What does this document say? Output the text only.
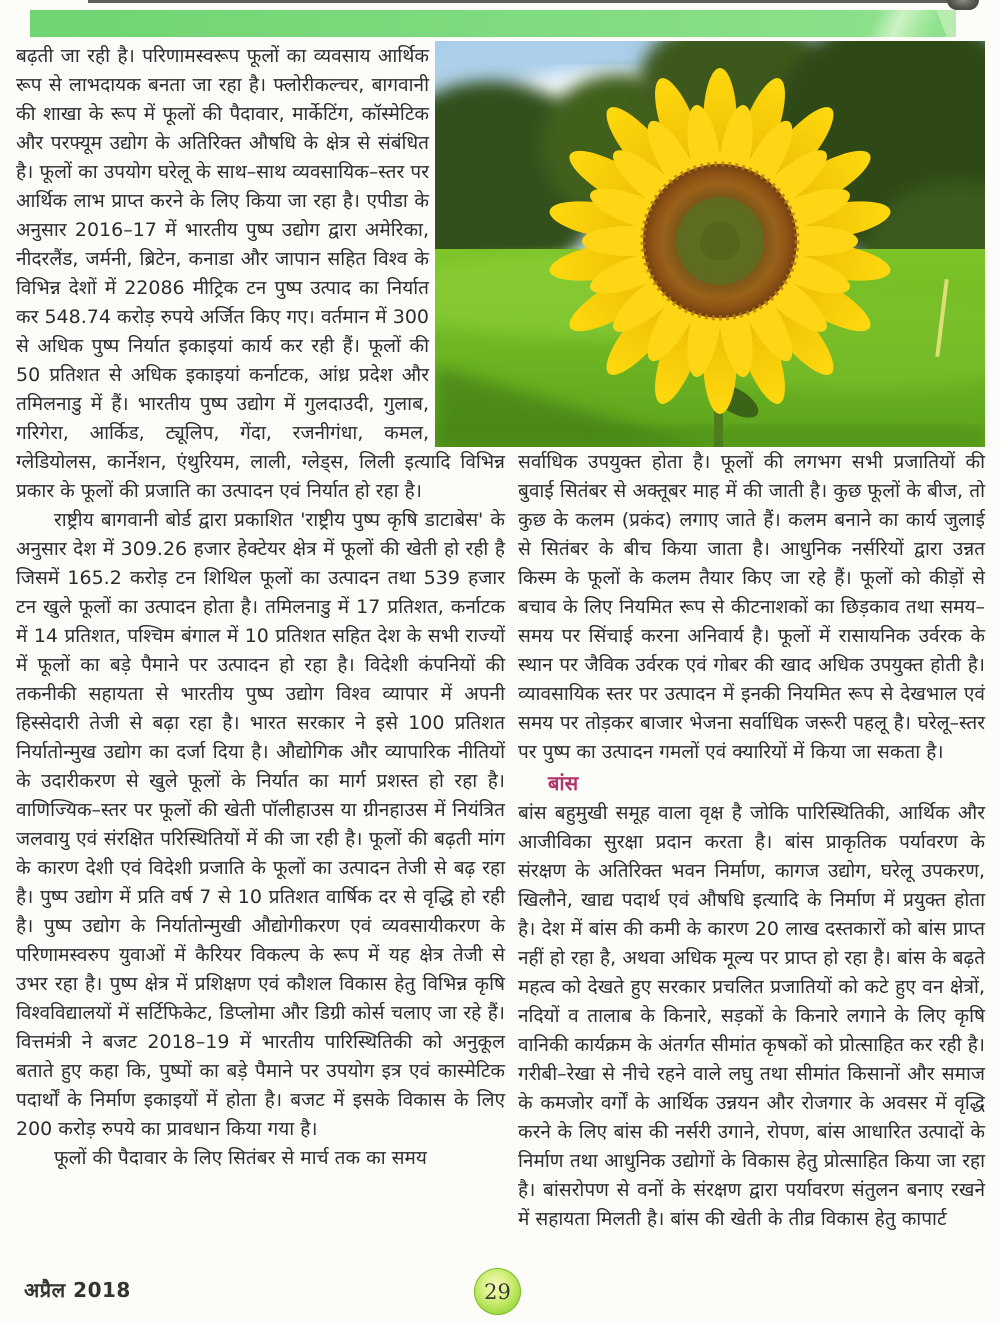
बढ़ती जा रही है। परिणामस्वरूप फूलों का व्यवसाय आर्थिक रूप से लाभदायक बनता जा रहा है। फ्लोरीकल्चर, बागवानी की शाखा के रूप में फूलों की पैदावार, मार्केटिंग, कॉस्मेटिक और परफ्यूम उद्योग के अतिरिक्त औषधि के क्षेत्र से संबंधित है। फूलों का उपयोग घरेलू के साथ–साथ व्यवसायिक–स्तर पर आर्थिक लाभ प्राप्त करने के लिए किया जा रहा है। एपीडा के अनुसार 2016–17 में भारतीय पुष्प उद्योग द्वारा अमेरिका, नीदरलैंड, जर्मनी, ब्रिटेन, कनाडा और जापान सहित विश्व के विभिन्न देशों में 22086 मीट्रिक टन पुष्प उत्पाद का निर्यात कर 548.74 करोड़ रुपये अर्जित किए गए। वर्तमान में 300 से अधिक पुष्प निर्यात इकाइयां कार्य कर रही हैं। फूलों की 50 प्रतिशत से अधिक इकाइयां कर्नाटक, आंध्र प्रदेश और तमिलनाडु में हैं। भारतीय पुष्प उद्योग में गुलदाउदी, गुलाब, गरिगेरा, आर्किड, ट्यूलिप, गेंदा, रजनीगंधा, कमल, ग्लेडियोलस, कार्नेशन, एंथुरियम, लाली, ग्लेड्स, लिली इत्यादि विभिन्न प्रकार के फूलों की प्रजाति का उत्पादन एवं निर्यात हो रहा है।

राष्ट्रीय बागवानी बोर्ड द्वारा प्रकाशित 'राष्ट्रीय पुष्प कृषि डाटाबेस' के अनुसार देश में 309.26 हजार हेक्टेयर क्षेत्र में फूलों की खेती हो रही है जिसमें 165.2 करोड़ टन शिथिल फूलों का उत्पादन तथा 539 हजार टन खुले फूलों का उत्पादन होता है। तमिलनाडु में 17 प्रतिशत, कर्नाटक में 14 प्रतिशत, पश्चिम बंगाल में 10 प्रतिशत सहित देश के सभी राज्यों में फूलों का बड़े पैमाने पर उत्पादन हो रहा है। विदेशी कंपनियों की तकनीकी सहायता से भारतीय पुष्प उद्योग विश्व व्यापार में अपनी हिस्सेदारी तेजी से बढ़ा रहा है। भारत सरकार ने इसे 100 प्रतिशत निर्यातोन्मुख उद्योग का दर्जा दिया है। औद्योगिक और व्यापारिक नीतियों के उदारीकरण से खुले फूलों के निर्यात का मार्ग प्रशस्त हो रहा है। वाणिज्यिक–स्तर पर फूलों की खेती पॉलीहाउस या ग्रीनहाउस में नियंत्रित जलवायु एवं संरक्षित परिस्थितियों में की जा रही है। फूलों की बढ़ती मांग के कारण देशी एवं विदेशी प्रजाति के फूलों का उत्पादन तेजी से बढ़ रहा है। पुष्प उद्योग में प्रति वर्ष 7 से 10 प्रतिशत वार्षिक दर से वृद्धि हो रही है। पुष्प उद्योग के निर्यातोन्मुखी औद्योगीकरण एवं व्यवसायीकरण के परिणामस्वरुप युवाओं में कैरियर विकल्प के रूप में यह क्षेत्र तेजी से उभर रहा है। पुष्प क्षेत्र में प्रशिक्षण एवं कौशल विकास हेतु विभिन्न कृषि विश्वविद्यालयों में सर्टिफिकेट, डिप्लोमा और डिग्री कोर्स चलाए जा रहे हैं। वित्तमंत्री ने बजट 2018–19 में भारतीय पारिस्थितिकी को अनुकूल बताते हुए कहा कि, पुष्पों का बड़े पैमाने पर उपयोग इत्र एवं कास्मेटिक पदार्थों के निर्माण इकाइयों में होता है। बजट में इसके विकास के लिए 200 करोड़ रुपये का प्रावधान किया गया है।

फूलों की पैदावार के लिए सितंबर से मार्च तक का समय

सर्वाधिक उपयुक्त होता है। फूलों की लगभग सभी प्रजातियों की बुवाई सितंबर से अक्तूबर माह में की जाती है। कुछ फूलों के बीज, तो कुछ के कलम (प्रकंद) लगाए जाते हैं। कलम बनाने का कार्य जुलाई से सितंबर के बीच किया जाता है। आधुनिक नर्सरियों द्वारा उन्नत किस्म के फूलों के कलम तैयार किए जा रहे हैं। फूलों को कीड़ों से बचाव के लिए नियमित रूप से कीटनाशकों का छिड़काव तथा समय–समय पर सिंचाई करना अनिवार्य है। फूलों में रासायनिक उर्वरक के स्थान पर जैविक उर्वरक एवं गोबर की खाद अधिक उपयुक्त होती है। व्यावसायिक स्तर पर उत्पादन में इनकी नियमित रूप से देखभाल एवं समय पर तोड़कर बाजार भेजना सर्वाधिक जरूरी पहलू है। घरेलू–स्तर पर पुष्प का उत्पादन गमलों एवं क्यारियों में किया जा सकता है।

बांस

बांस बहुमुखी समूह वाला वृक्ष है जोकि पारिस्थितिकी, आर्थिक और आजीविका सुरक्षा प्रदान करता है। बांस प्राकृतिक पर्यावरण के संरक्षण के अतिरिक्त भवन निर्माण, कागज उद्योग, घरेलू उपकरण, खिलौने, खाद्य पदार्थ एवं औषधि इत्यादि के निर्माण में प्रयुक्त होता है। देश में बांस की कमी के कारण 20 लाख दस्तकारों को बांस प्राप्त नहीं हो रहा है, अथवा अधिक मूल्य पर प्राप्त हो रहा है। बांस के बढ़ते महत्व को देखते हुए सरकार प्रचलित प्रजातियों को कटे हुए वन क्षेत्रों, नदियों व तालाब के किनारे, सड़कों के किनारे लगाने के लिए कृषि वानिकी कार्यक्रम के अंतर्गत सीमांत कृषकों को प्रोत्साहित कर रही है। गरीबी–रेखा से नीचे रहने वाले लघु तथा सीमांत किसानों और समाज के कमजोर वर्गों के आर्थिक उन्नयन और रोजगार के अवसर में वृद्धि करने के लिए बांस की नर्सरी उगाने, रोपण, बांस आधारित उत्पादों के निर्माण तथा आधुनिक उद्योगों के विकास हेतु प्रोत्साहित किया जा रहा है। बांसरोपण से वनों के संरक्षण द्वारा पर्यावरण संतुलन बनाए रखने में सहायता मिलती है। बांस की खेती के तीव्र विकास हेतु कापार्ट

अप्रैल 2018	29
